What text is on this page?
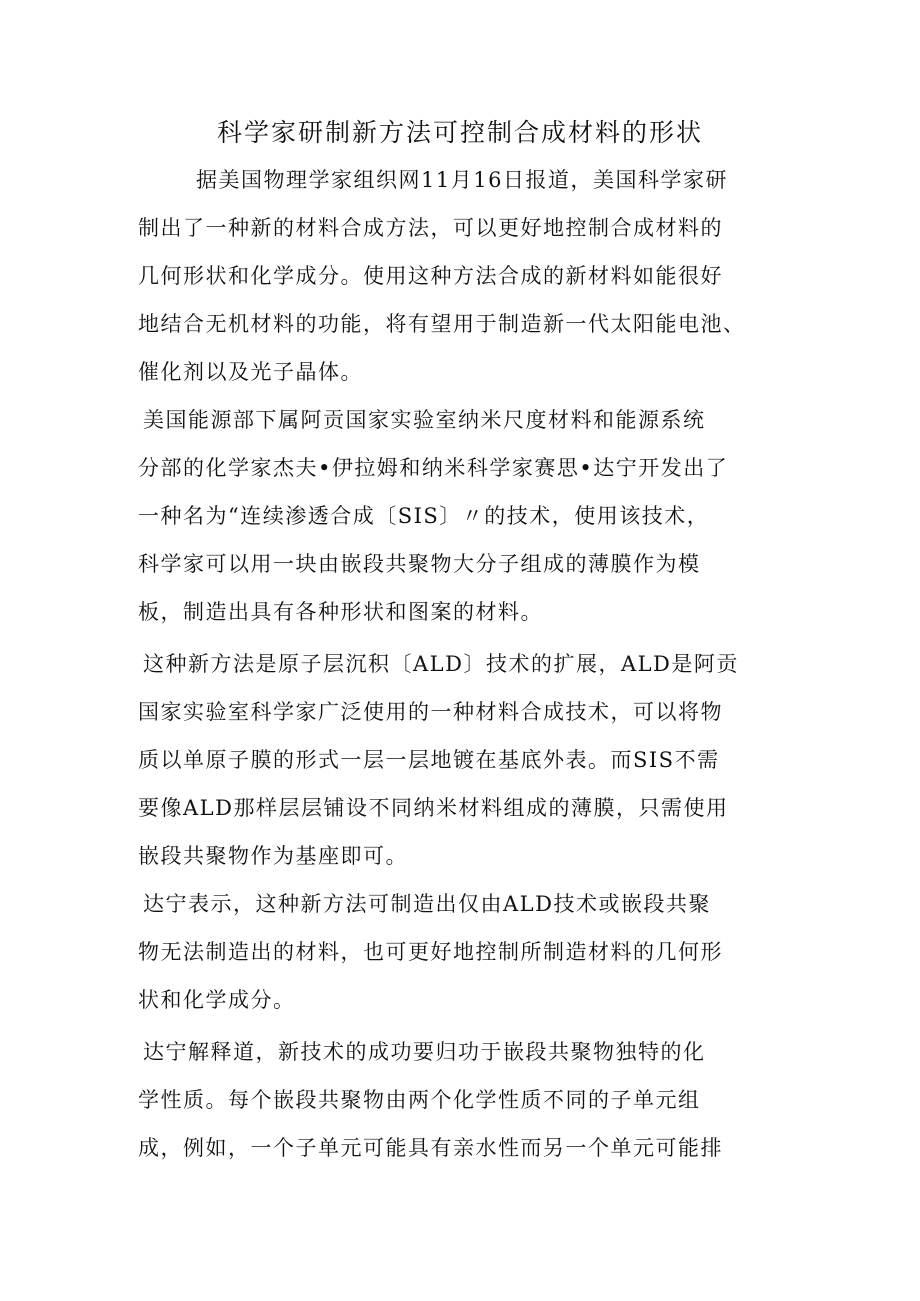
科学家研制新方法可控制合成材料的形状

据美国物理学家组织网11月16日报道，美国科学家研

制出了一种新的材料合成方法，可以更好地控制合成材料的

几何形状和化学成分。使用这种方法合成的新材料如能很好

地结合无机材料的功能，将有望用于制造新一代太阳能电池、

催化剂以及光子晶体。

美国能源部下属阿贡国家实验室纳米尺度材料和能源系统

分部的化学家杰夫•伊拉姆和纳米科学家赛思•达宁开发出了

一种名为“连续渗透合成〔SIS〕〃的技术，使用该技术，

科学家可以用一块由嵌段共聚物大分子组成的薄膜作为模

板，制造出具有各种形状和图案的材料。

这种新方法是原子层沉积〔ALD〕技术的扩展，ALD是阿贡

国家实验室科学家广泛使用的一种材料合成技术，可以将物

质以单原子膜的形式一层一层地镀在基底外表。而SIS不需

要像ALD那样层层铺设不同纳米材料组成的薄膜，只需使用

嵌段共聚物作为基座即可。

达宁表示，这种新方法可制造出仅由ALD技术或嵌段共聚

物无法制造出的材料，也可更好地控制所制造材料的几何形

状和化学成分。

达宁解释道，新技术的成功要归功于嵌段共聚物独特的化

学性质。每个嵌段共聚物由两个化学性质不同的子单元组

成，例如，一个子单元可能具有亲水性而另一个单元可能排
